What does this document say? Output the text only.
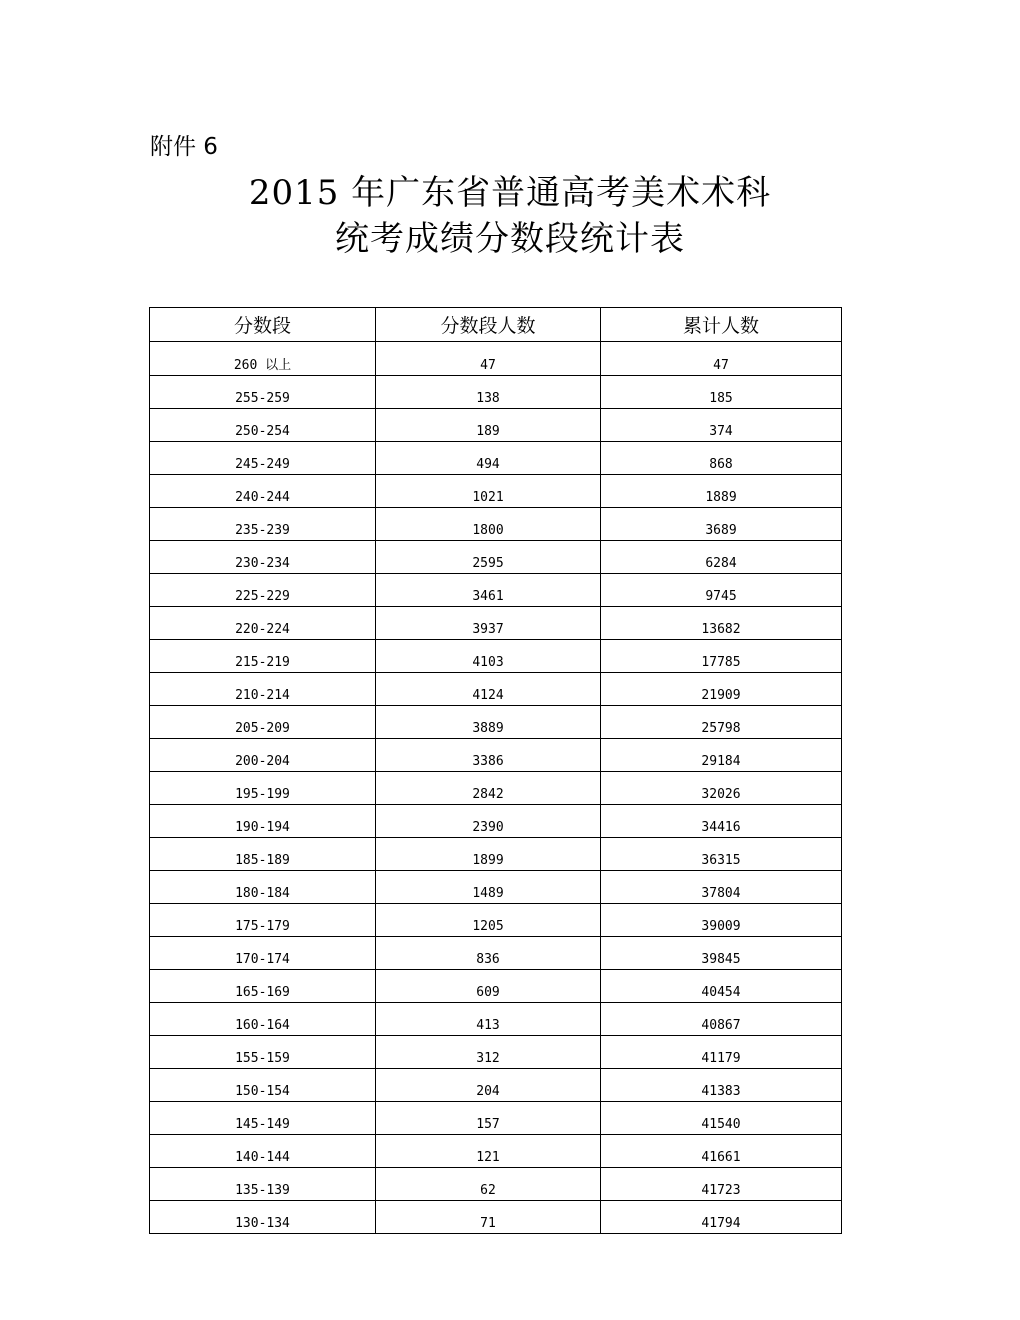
附件 6
2015 年广东省普通高考美术术科
统考成绩分数段统计表
分数段	分数段人数	累计人数
260 以上	47	47
255-259	138	185
250-254	189	374
245-249	494	868
240-244	1021	1889
235-239	1800	3689
230-234	2595	6284
225-229	3461	9745
220-224	3937	13682
215-219	4103	17785
210-214	4124	21909
205-209	3889	25798
200-204	3386	29184
195-199	2842	32026
190-194	2390	34416
185-189	1899	36315
180-184	1489	37804
175-179	1205	39009
170-174	836	39845
165-169	609	40454
160-164	413	40867
155-159	312	41179
150-154	204	41383
145-149	157	41540
140-144	121	41661
135-139	62	41723
130-134	71	41794
